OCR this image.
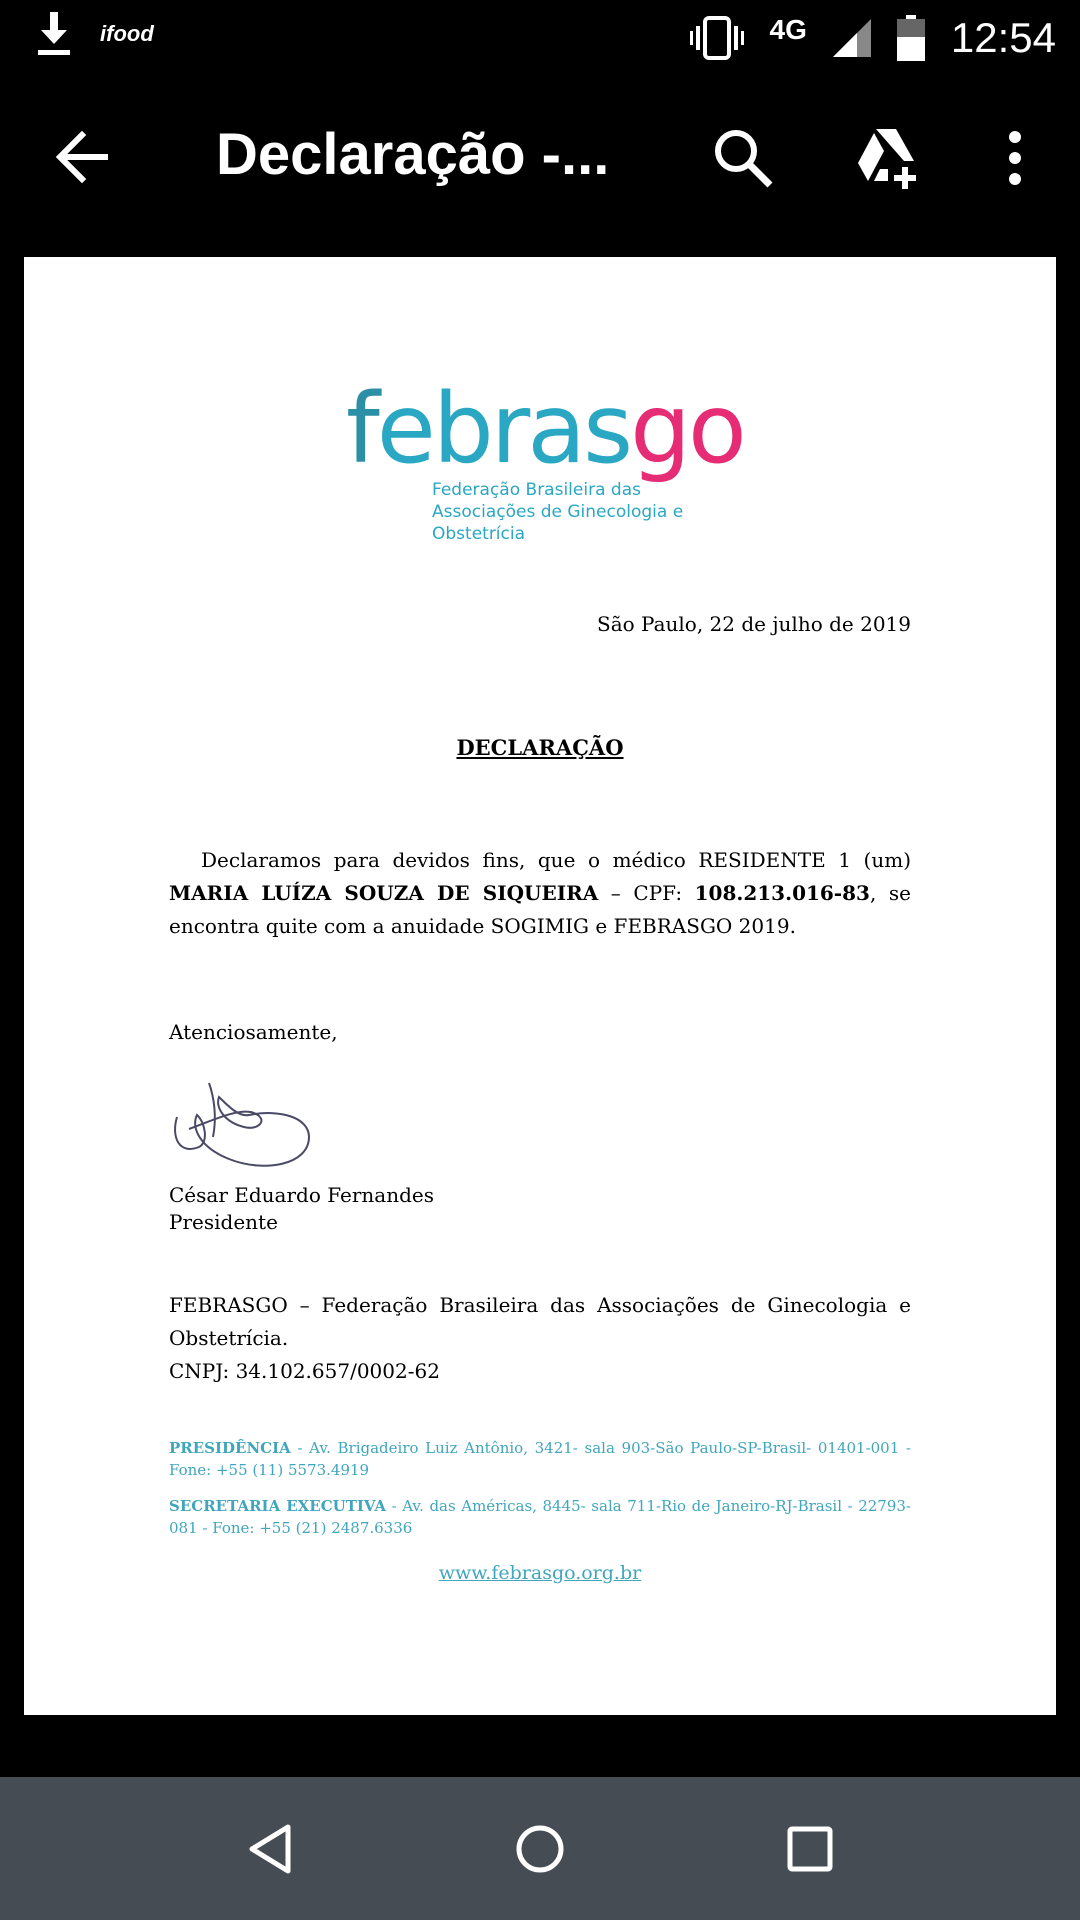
ifood	4G	12:54
Declaração -...
febrasgo
Federação Brasileira das
Associações de Ginecologia e Obstetrícia
São Paulo, 22 de julho de 2019
DECLARAÇÃO
Declaramos para devidos fins, que o médico RESIDENTE 1 (um) MARIA LUÍZA SOUZA DE SIQUEIRA – CPF: 108.213.016-83, se encontra quite com a anuidade SOGIMIG e FEBRASGO 2019.
Atenciosamente,
César Eduardo Fernandes
Presidente
FEBRASGO – Federação Brasileira das Associações de Ginecologia e Obstetrícia.
CNPJ: 34.102.657/0002-62
PRESIDÊNCIA - Av. Brigadeiro Luiz Antônio, 3421- sala 903-São Paulo-SP-Brasil- 01401-001 - Fone: +55 (11) 5573.4919
SECRETARIA EXECUTIVA - Av. das Américas, 8445- sala 711-Rio de Janeiro-RJ-Brasil - 22793-081 - Fone: +55 (21) 2487.6336
www.febrasgo.org.br
